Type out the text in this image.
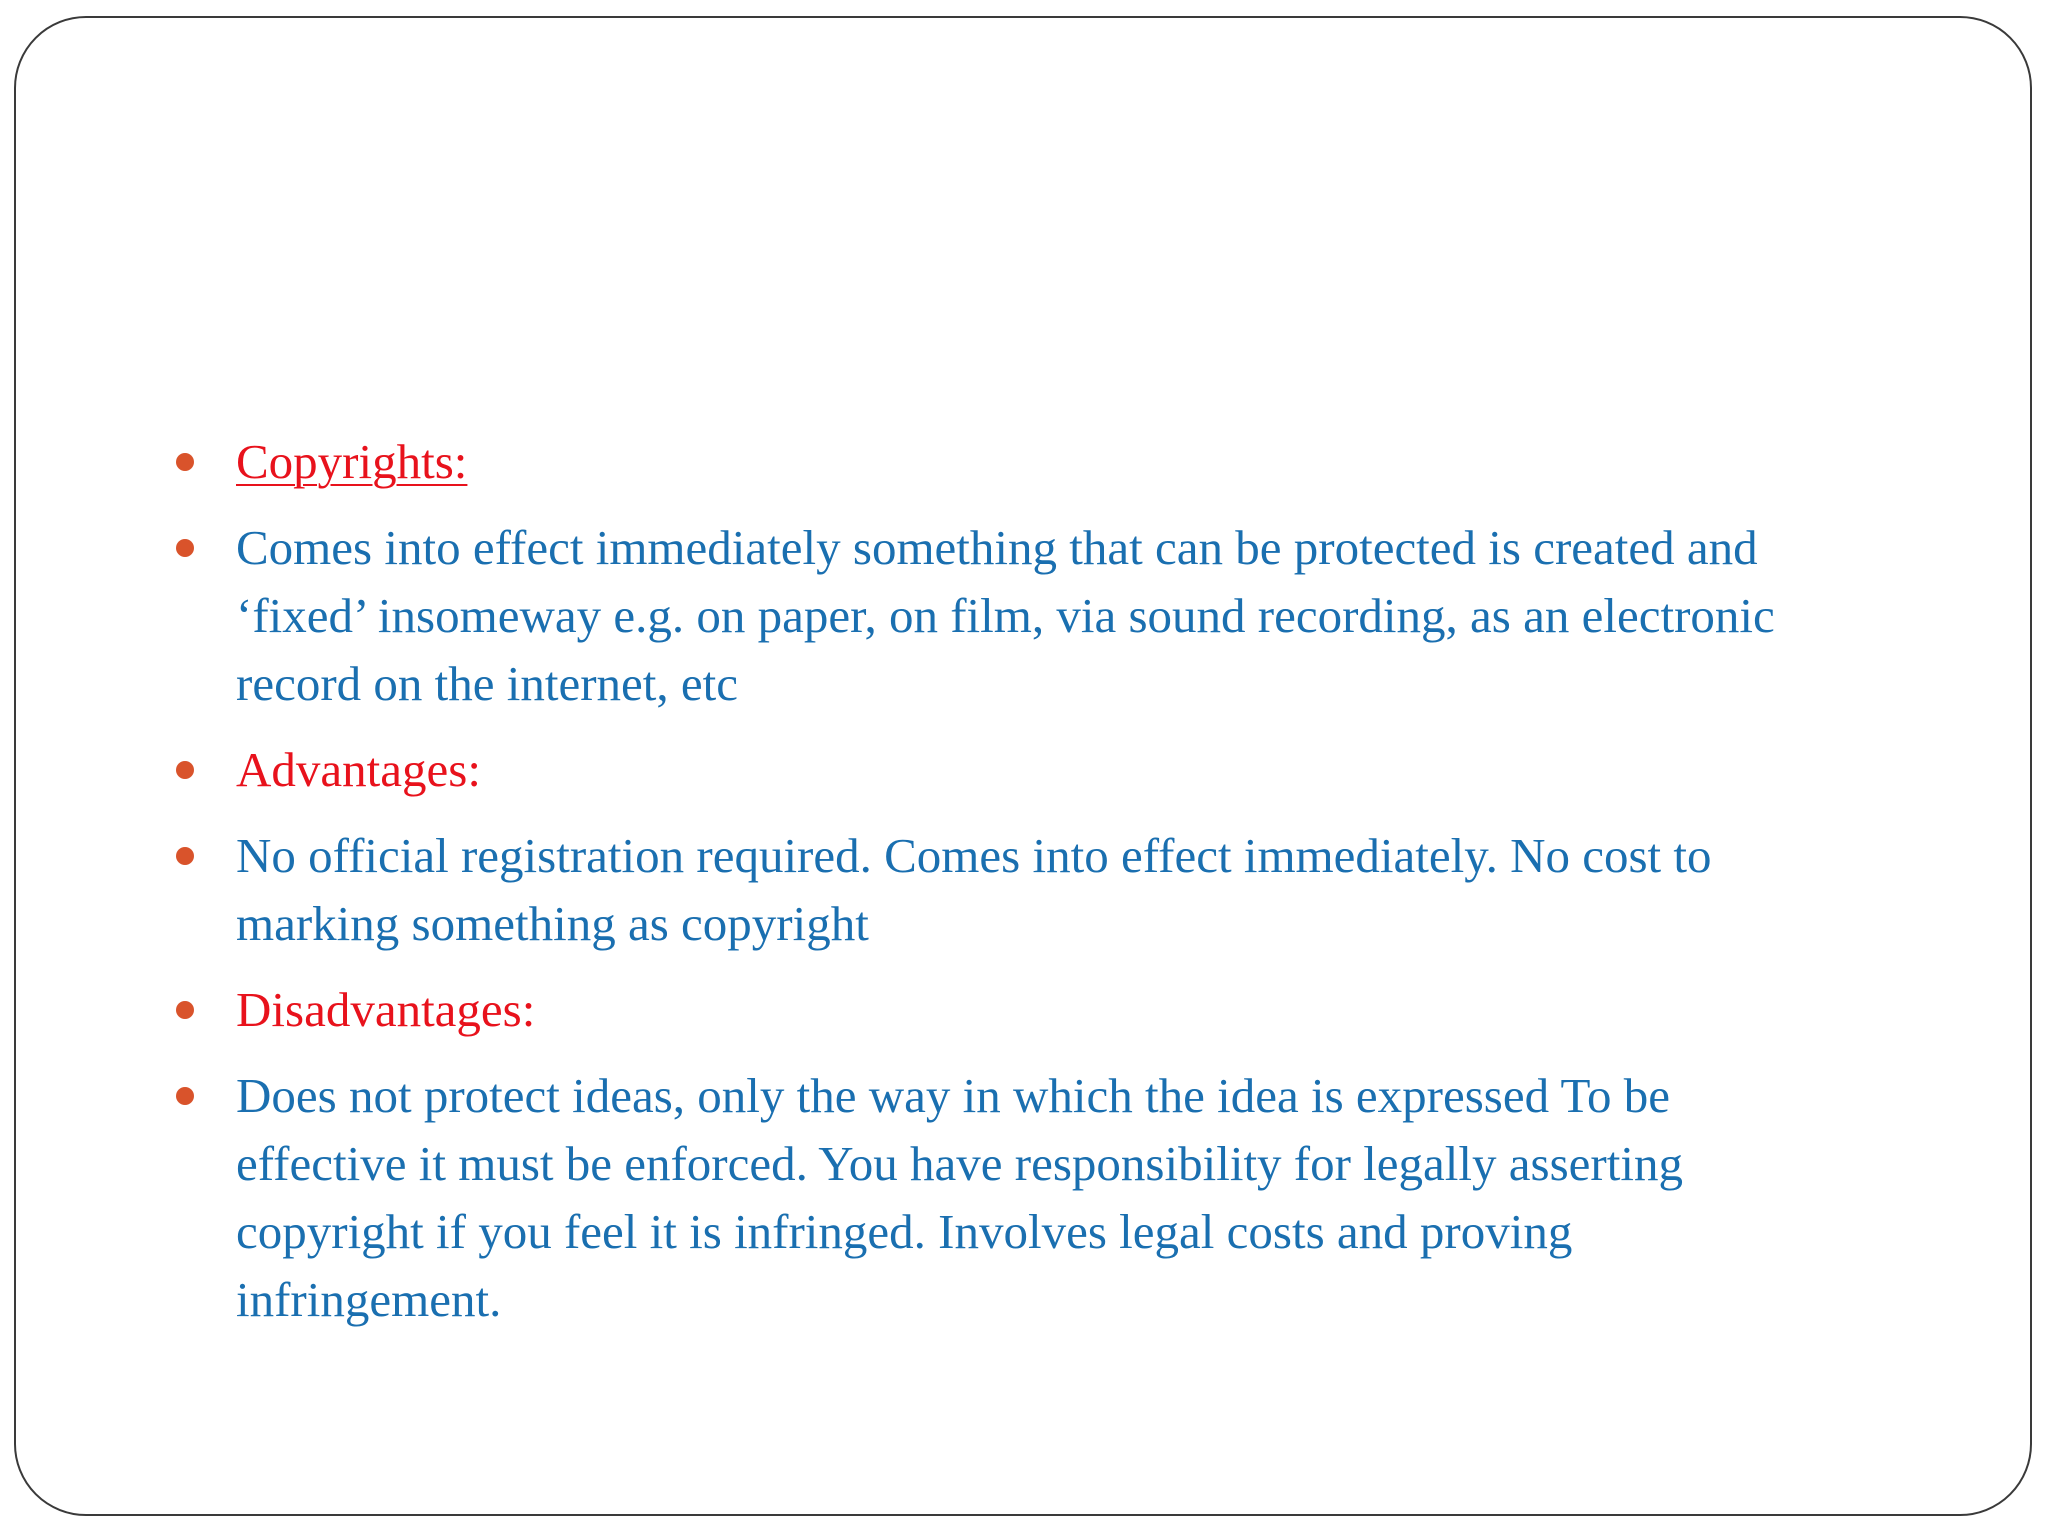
Copyrights:
Comes into effect immediately something that can be protected is created and ‘fixed’ insomeway e.g. on paper, on film, via sound recording, as an electronic record on the internet, etc
Advantages:
No official registration required. Comes into effect immediately. No cost to marking something as copyright
Disadvantages:
Does not protect ideas, only the way in which the idea is expressed To be effective it must be enforced. You have responsibility for legally asserting copyright if you feel it is infringed. Involves legal costs and proving infringement.
